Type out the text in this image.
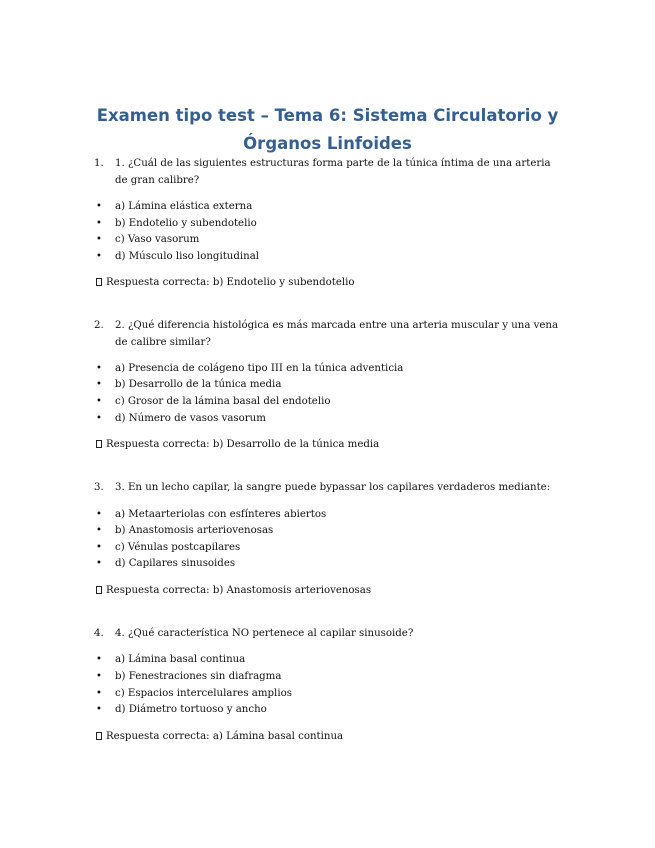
Examen tipo test – Tema 6: Sistema Circulatorio y
Órganos Linfoides
1.	1. ¿Cuál de las siguientes estructuras forma parte de la túnica íntima de una arteria de gran calibre?
• a) Lámina elástica externa
• b) Endotelio y subendotelio
• c) Vaso vasorum
• d) Músculo liso longitudinal
Respuesta correcta: b) Endotelio y subendotelio
2.	2. ¿Qué diferencia histológica es más marcada entre una arteria muscular y una vena de calibre similar?
• a) Presencia de colágeno tipo III en la túnica adventicia
• b) Desarrollo de la túnica media
• c) Grosor de la lámina basal del endotelio
• d) Número de vasos vasorum
Respuesta correcta: b) Desarrollo de la túnica media
3.	3. En un lecho capilar, la sangre puede bypassar los capilares verdaderos mediante:
• a) Metaarteriolas con esfínteres abiertos
• b) Anastomosis arteriovenosas
• c) Vénulas postcapilares
• d) Capilares sinusoides
Respuesta correcta: b) Anastomosis arteriovenosas
4.	4. ¿Qué característica NO pertenece al capilar sinusoide?
• a) Lámina basal continua
• b) Fenestraciones sin diafragma
• c) Espacios intercelulares amplios
• d) Diámetro tortuoso y ancho
Respuesta correcta: a) Lámina basal continua
